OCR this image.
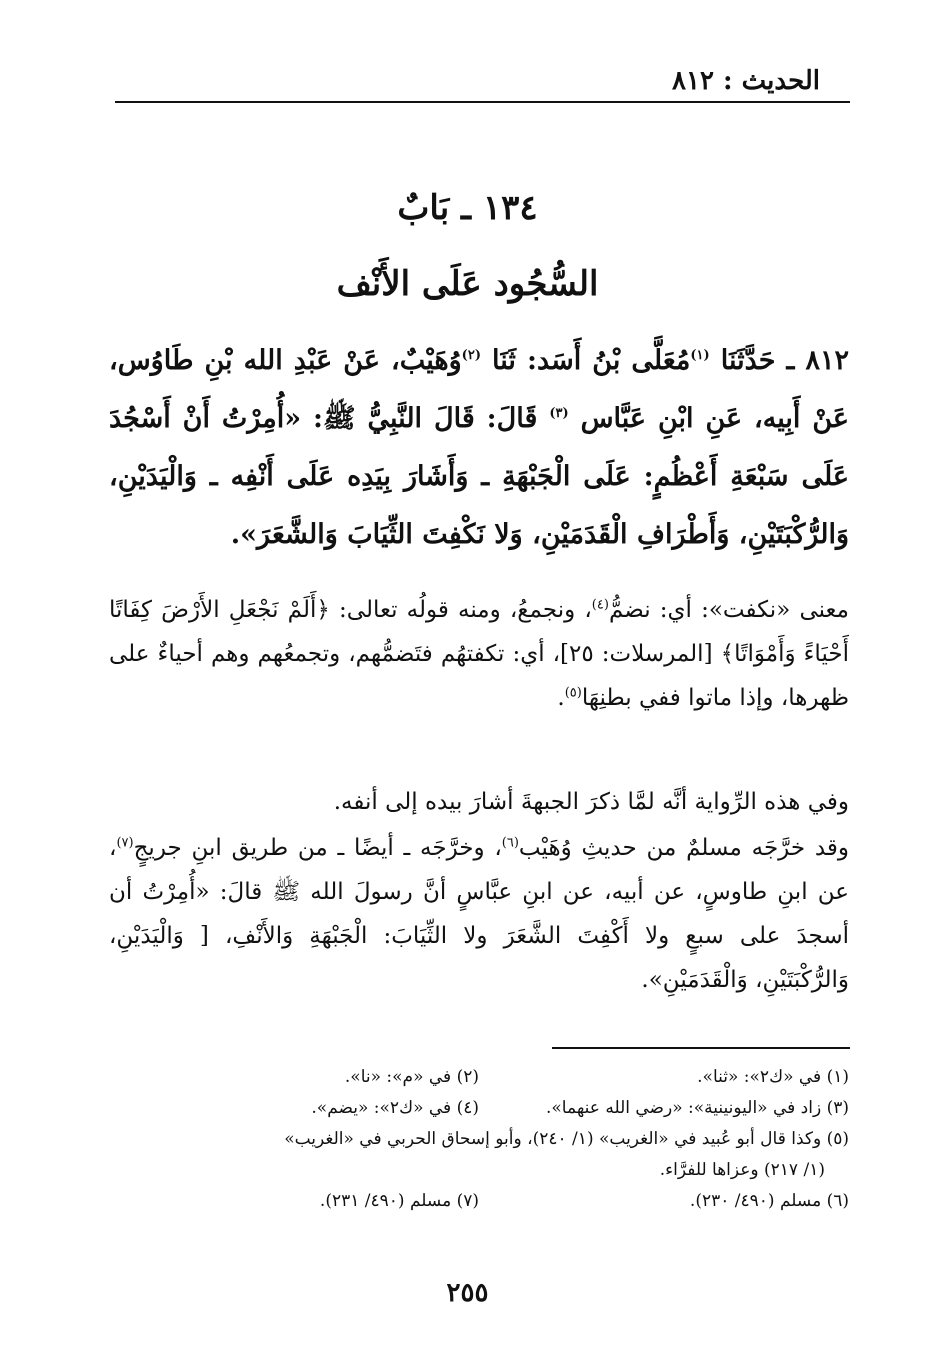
الحديث : ٨١٢
١٣٤ ـ بَابٌ
السُّجُود عَلَى الأَنْف

٨١٢ ـ حَدَّثَنَا $^{(١)}$مُعَلَّى بْنُ أَسَد: ثَنَا $^{(٢)}$وُهَيْبٌ، عَنْ عَبْدِ الله بْنِ طَاوُس، عَنْ أَبِيه، عَنِ ابْنِ عَبَّاس $^{(٣)}$ قَالَ: قَالَ النَّبِيُّ ﷺ: «أُمِرْتُ أَنْ أَسْجُدَ عَلَى سَبْعَةِ أَعْظُمٍ: عَلَى الْجَبْهَةِ ـ وَأَشَارَ بِيَدِه عَلَى أَنْفِه ـ وَالْيَدَيْنِ، وَالرُّكْبَتَيْنِ، وَأَطْرَافِ الْقَدَمَيْنِ، وَلا نَكْفِتَ الثِّيَابَ وَالشَّعَرَ».

معنى «نكفت»: أي: نضمُّ$^{(٤)}$، ونجمعُ، ومنه قولُه تعالى: ﴿أَلَمْ نَجْعَلِ الأَرْضَ كِفَاتًا أَحْيَاءً وَأَمْوَاتًا﴾ [المرسلات: ٢٥]، أي: تكفتهُم فتَضمُّهم، وتجمعُهم وهم أحياءٌ على ظهرها، وإذا ماتوا ففي بطنِهَا$^{(٥)}$.

وفي هذه الرِّواية أنَّه لمَّا ذكرَ الجبهةَ أشارَ بيده إلى أنفه.

وقد خرَّجَه مسلمٌ من حديثِ وُهَيْب$^{(٦)}$، وخرَّجَه ـ أيضًا ـ من طريق ابنِ جريجٍ$^{(٧)}$، عن ابنِ طاوسٍ، عن أبيه، عن ابنِ عبَّاسٍ أنَّ رسولَ الله ﷺ قالَ: «أُمِرْتُ أن أسجدَ على سبعٍ ولا أَكْفِتَ الشَّعَرَ ولا الثِّيَابَ: الْجَبْهَةِ وَالأَنْفِ، [ وَالْيَدَيْنِ، وَالرُّكْبَتَيْنِ، وَالْقَدَمَيْنِ».

(١) في «ك٢»: «ثنا».
(٢) في «م»: «نا».
(٣) زاد في «اليونينية»: «رضي الله عنهما».
(٤) في «ك٢»: «يضم».
(٥) وكذا قال أبو عُبيد في «الغريب» (١/ ٢٤٠)، وأبو إسحاق الحربي في «الغريب»
(١/ ٢١٧) وعزاها للفرَّاء.
(٦) مسلم (٤٩٠/ ٢٣٠).
(٧) مسلم (٤٩٠/ ٢٣١).
٢٥٥
